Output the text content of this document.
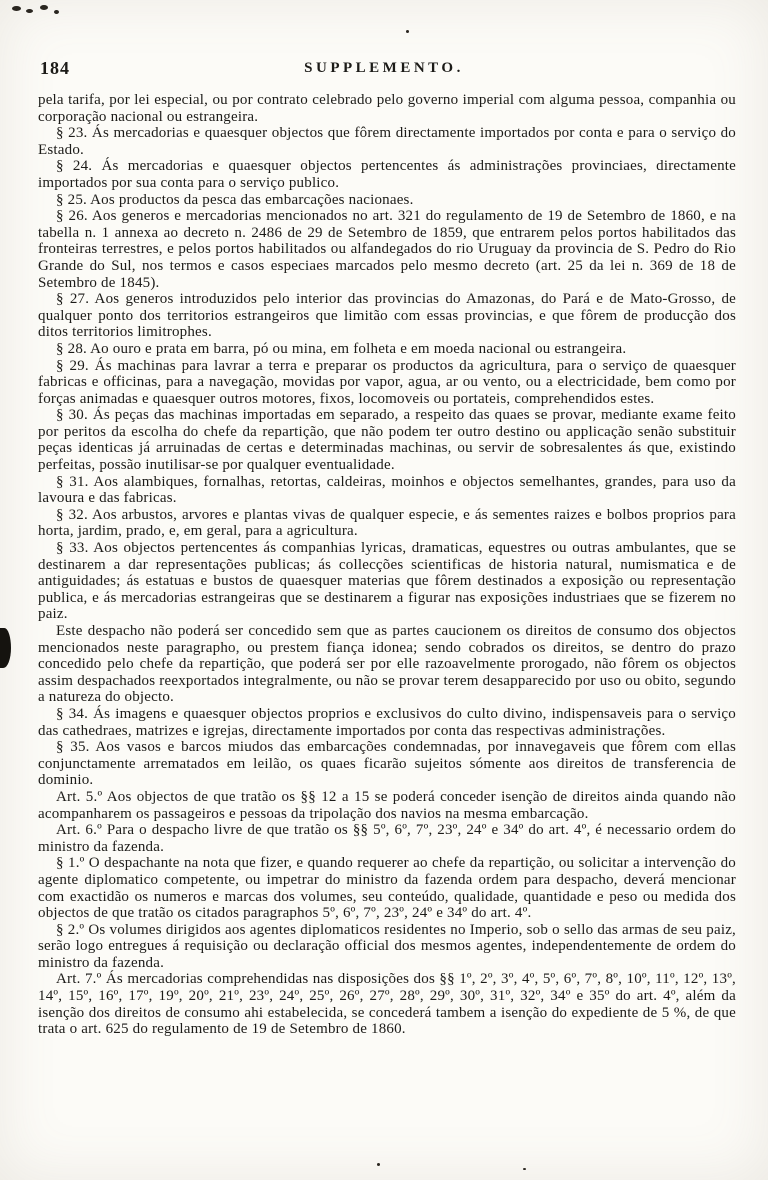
184	SUPPLEMENTO.

pela tarifa, por lei especial, ou por contrato celebrado pelo governo imperial com alguma pessoa, companhia ou corporação nacional ou estrangeira.

§ 23. Ás mercadorias e quaesquer objectos que fôrem directamente importados por conta e para o serviço do Estado.

§ 24. Ás mercadorias e quaesquer objectos pertencentes ás administrações provinciaes, directamente importados por sua conta para o serviço publico.

§ 25. Aos productos da pesca das embarcações nacionaes.

§ 26. Aos generos e mercadorias mencionados no art. 321 do regulamento de 19 de Setembro de 1860, e na tabella n. 1 annexa ao decreto n. 2486 de 29 de Setembro de 1859, que entrarem pelos portos habilitados das fronteiras terrestres, e pelos portos habilitados ou alfandegados do rio Uruguay da provincia de S. Pedro do Rio Grande do Sul, nos termos e casos especiaes marcados pelo mesmo decreto (art. 25 da lei n. 369 de 18 de Setembro de 1845).

§ 27. Aos generos introduzidos pelo interior das provincias do Amazonas, do Pará e de Mato-Grosso, de qualquer ponto dos territorios estrangeiros que limitão com essas provincias, e que fôrem de producção dos ditos territorios limitrophes.

§ 28. Ao ouro e prata em barra, pó ou mina, em folheta e em moeda nacional ou estrangeira.

§ 29. Ás machinas para lavrar a terra e preparar os productos da agricultura, para o serviço de quaesquer fabricas e officinas, para a navegação, movidas por vapor, agua, ar ou vento, ou a electricidade, bem como por forças animadas e quaesquer outros motores, fixos, locomoveis ou portateis, comprehendidos estes.

§ 30. Ás peças das machinas importadas em separado, a respeito das quaes se provar, mediante exame feito por peritos da escolha do chefe da repartição, que não podem ter outro destino ou applicação senão substituir peças identicas já arruinadas de certas e determinadas machinas, ou servir de sobresalentes ás que, existindo perfeitas, possão inutilisar-se por qualquer eventualidade.

§ 31. Aos alambiques, fornalhas, retortas, caldeiras, moinhos e objectos semelhantes, grandes, para uso da lavoura e das fabricas.

§ 32. Aos arbustos, arvores e plantas vivas de qualquer especie, e ás sementes raizes e bolbos proprios para horta, jardim, prado, e, em geral, para a agricultura.

§ 33. Aos objectos pertencentes ás companhias lyricas, dramaticas, equestres ou outras ambulantes, que se destinarem a dar representações publicas; ás collecções scientificas de historia natural, numismatica e de antiguidades; ás estatuas e bustos de quaesquer materias que fôrem destinados a exposição ou representação publica, e ás mercadorias estrangeiras que se destinarem a figurar nas exposições industriaes que se fizerem no paiz.

Este despacho não poderá ser concedido sem que as partes caucionem os direitos de consumo dos objectos mencionados neste paragrapho, ou prestem fiança idonea; sendo cobrados os direitos, se dentro do prazo concedido pelo chefe da repartição, que poderá ser por elle razoavelmente prorogado, não fôrem os objectos assim despachados reexportados integralmente, ou não se provar terem desapparecido por uso ou obito, segundo a natureza do objecto.

§ 34. Ás imagens e quaesquer objectos proprios e exclusivos do culto divino, indispensaveis para o serviço das cathedraes, matrizes e igrejas, directamente importados por conta das respectivas administrações.

§ 35. Aos vasos e barcos miudos das embarcações condemnadas, por innavegaveis que fôrem com ellas conjunctamente arrematados em leilão, os quaes ficarão sujeitos sómente aos direitos de transferencia de dominio.

Art. 5.º Aos objectos de que tratão os §§ 12 a 15 se poderá conceder isenção de direitos ainda quando não acompanharem os passageiros e pessoas da tripolação dos navios na mesma embarcação.

Art. 6.º Para o despacho livre de que tratão os §§ 5º, 6º, 7º, 23º, 24º e 34º do art. 4º, é necessario ordem do ministro da fazenda.

§ 1.º O despachante na nota que fizer, e quando requerer ao chefe da repartição, ou solicitar a intervenção do agente diplomatico competente, ou impetrar do ministro da fazenda ordem para despacho, deverá mencionar com exactidão os numeros e marcas dos volumes, seu conteúdo, qualidade, quantidade e peso ou medida dos objectos de que tratão os citados paragraphos 5º, 6º, 7º, 23º, 24º e 34º do art. 4º.

§ 2.º Os volumes dirigidos aos agentes diplomaticos residentes no Imperio, sob o sello das armas de seu paiz, serão logo entregues á requisição ou declaração official dos mesmos agentes, independentemente de ordem do ministro da fazenda.

Art. 7.º Ás mercadorias comprehendidas nas disposições dos §§ 1º, 2º, 3º, 4º, 5º, 6º, 7º, 8º, 10º, 11º, 12º, 13º, 14º, 15º, 16º, 17º, 19º, 20º, 21º, 23º, 24º, 25º, 26º, 27º, 28º, 29º, 30º, 31º, 32º, 34º e 35º do art. 4º, além da isenção dos direitos de consumo ahi estabelecida, se concederá tambem a isenção do expediente de 5 %, de que trata o art. 625 do regulamento de 19 de Setembro de 1860.
